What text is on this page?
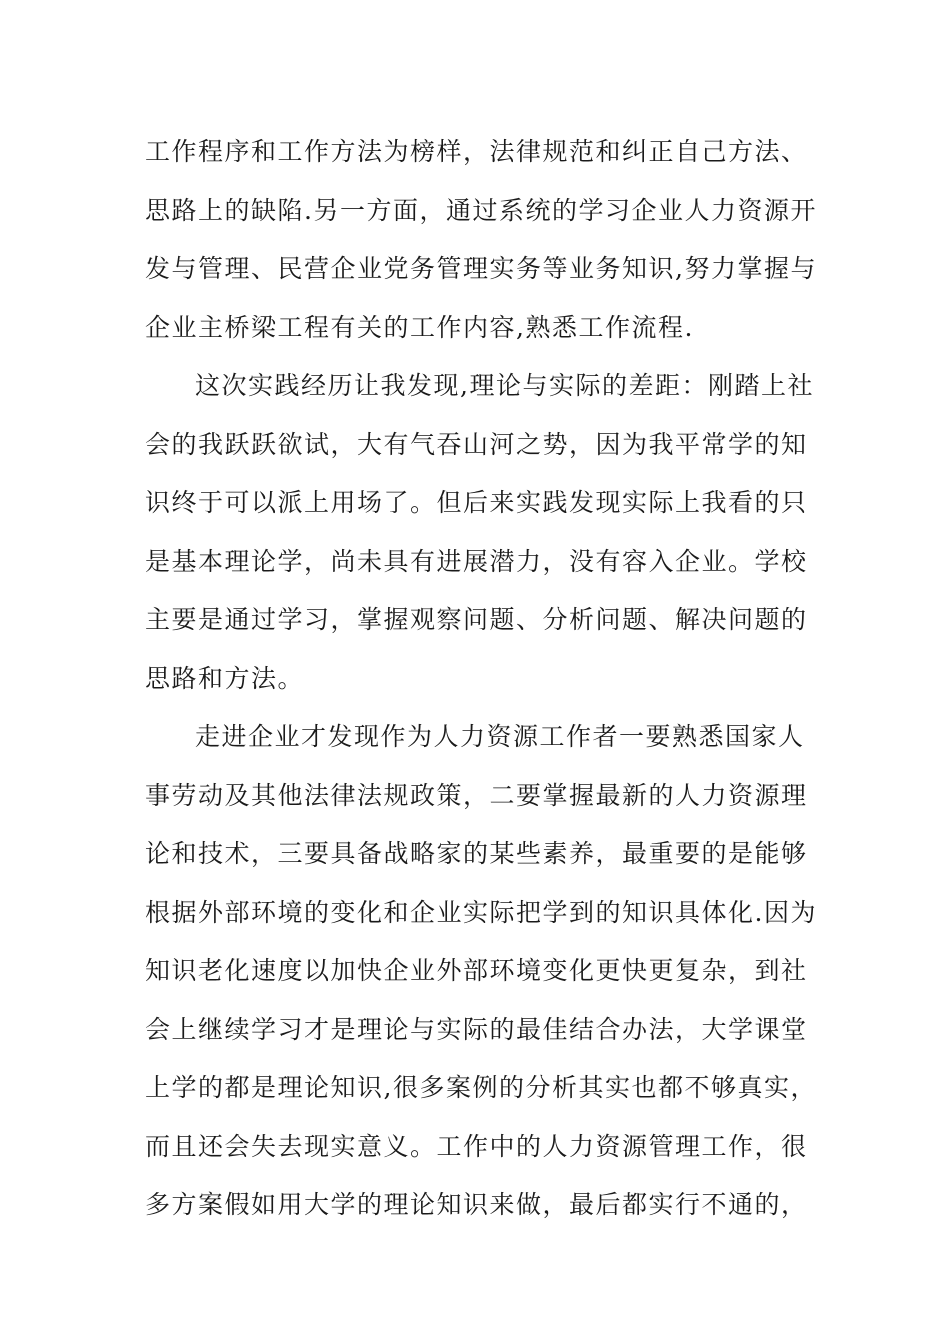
工作程序和工作方法为榜样，法律规范和纠正自己方法、
思路上的缺陷.另一方面，通过系统的学习企业人力资源开
发与管理、民营企业党务管理实务等业务知识,努力掌握与
企业主桥梁工程有关的工作内容,熟悉工作流程.
这次实践经历让我发现,理论与实际的差距：刚踏上社
会的我跃跃欲试，大有气吞山河之势，因为我平常学的知
识终于可以派上用场了。但后来实践发现实际上我看的只
是基本理论学，尚未具有进展潜力，没有容入企业。学校
主要是通过学习，掌握观察问题、分析问题、解决问题的
思路和方法。
走进企业才发现作为人力资源工作者一要熟悉国家人
事劳动及其他法律法规政策，二要掌握最新的人力资源理
论和技术，三要具备战略家的某些素养，最重要的是能够
根据外部环境的变化和企业实际把学到的知识具体化.因为
知识老化速度以加快企业外部环境变化更快更复杂，到社
会上继续学习才是理论与实际的最佳结合办法，大学课堂
上学的都是理论知识,很多案例的分析其实也都不够真实，
而且还会失去现实意义。工作中的人力资源管理工作，很
多方案假如用大学的理论知识来做，最后都实行不通的，
